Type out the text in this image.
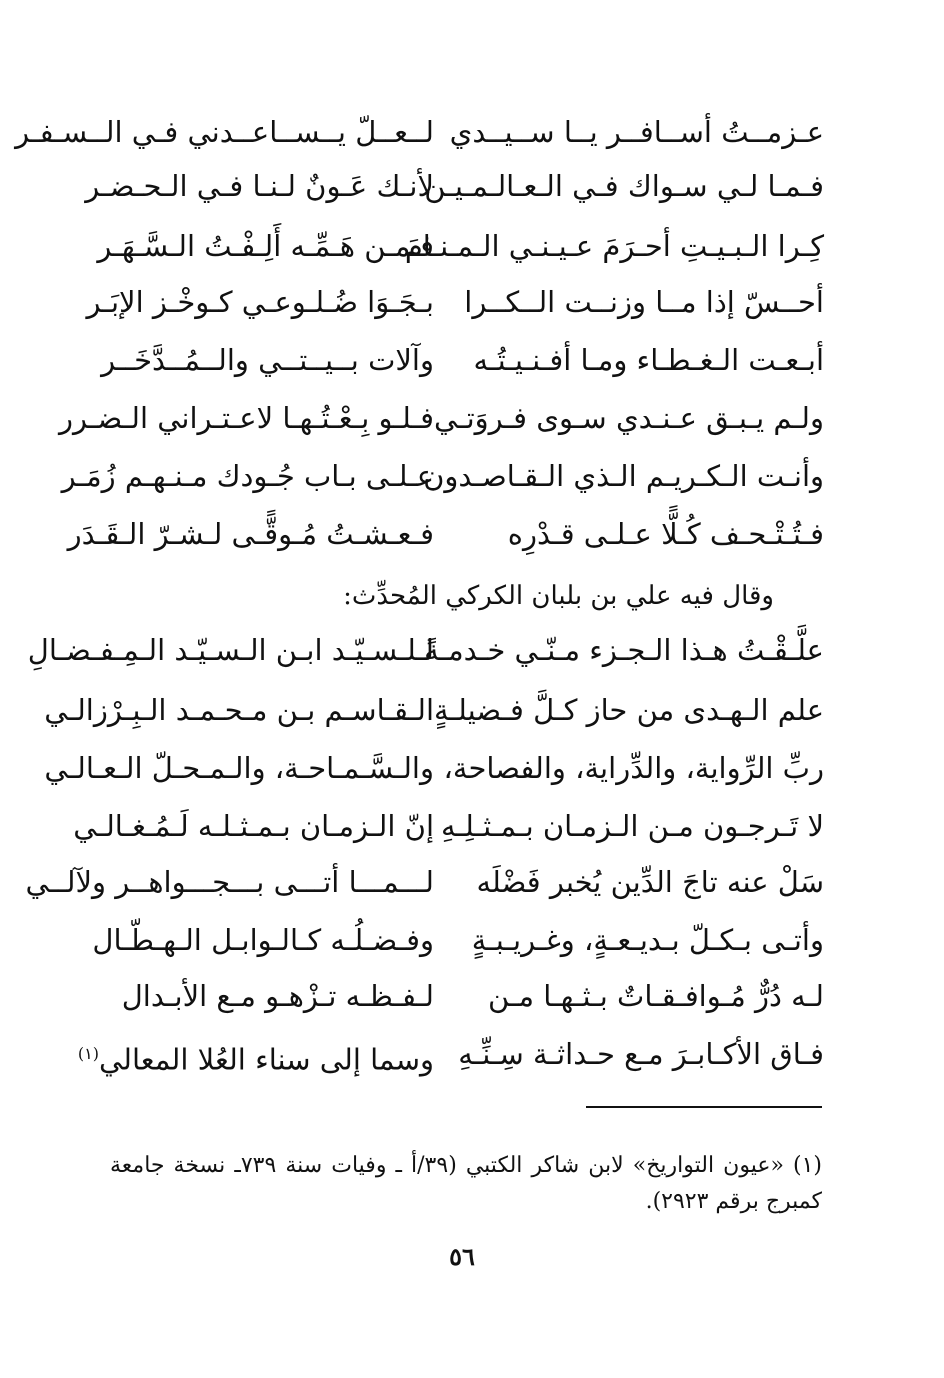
عـزمــتُ أســافــر يــا ســيــدي
لــعــلّ يــســاعــدني فـي الــسـفـر
فـمـا لـي سـواك فـي الـعـالـمـيـن
لأنـك عَـونٌ لـنـا فـي الـحـضـر
كِـرا الـبـيـتِ أحـرَمَ عـيـنـي الـمـنـامَ
فـمـن هَـمِّـه أَلِـفْـتُ الـسَّـهَـر
أحــسّ إذا مــا وزنــت الــكــرا
بـجَـوَا ضُـلـوعـي كـوخْـز الإبَـر
أبـعـت الـغـطـاء ومـا أفـنـيـتُـه
وآلات بــيــتــي والــمُــدَّخَــر
ولـم يـبـق عـنـدي سـوى فـروَتـي
فـلـو بِـعْـتُـهـا لاعـتـراني الـضـرر
وأنـت الـكـريـم الـذي الـقـاصـدون
عـلـى بـاب جُـودك مـنـهـم زُمَـر
فـتُـتْـحـف كُـلًّا عـلـى قـدْرِه
فـعـشـتُ مُـوقًّـى لـشـرّ الـقَـدَر
وقال فيه علي بن بلبان الكركي المُحدِّث:
علَّـقْـتُ هـذا الـجـزء مـنّـي خـدمـةً
لـلـسـيّـد ابـن الـسـيّـد الـمِـفـضـالِ
علم الـهـدى من حاز كـلَّ فـضيلـةٍ
الـقـاسـم بـن مـحـمـد الـبِـرْزالـي
ربِّ الرِّواية، والدِّراية، والفصاحة،
والـسَّـمـاحـة، والـمـحـلّ الـعـالـي
لا تَـرجـون مـن الـزمـان بـمـثـلِـهِ
إنّ الـزمـان بـمـثـلـه لَـمُـغـالـي
سَلْ عنه تاجَ الدِّين يُخبر فَضْلَه
لـــمـــا أتـــى بـــجـــواهــر ولآلــي
وأتـى بـكـلّ بـديـعـةٍ، وغـريـبـةٍ
وفـضـلُـه كـالـوابـل الـهـطّـال
لـه دُرٌّ مُـوافـقـاتٌ بـثـهـا مـن
لـفـظـه تـزْهـو مـع الأبـدال
فـاق الأكـابـرَ مـع حـداثـة سِـنِّـهِ
وسما إلى سناء العُلا المعالي$^{(١)}$
(١) «عيون التواريخ» لابن شاكر الكتبي (٣٩/أ ـ وفيات سنة ٧٣٩ـ نسخة جامعة كمبرج برقم ٢٩٢٣).
٥٦
